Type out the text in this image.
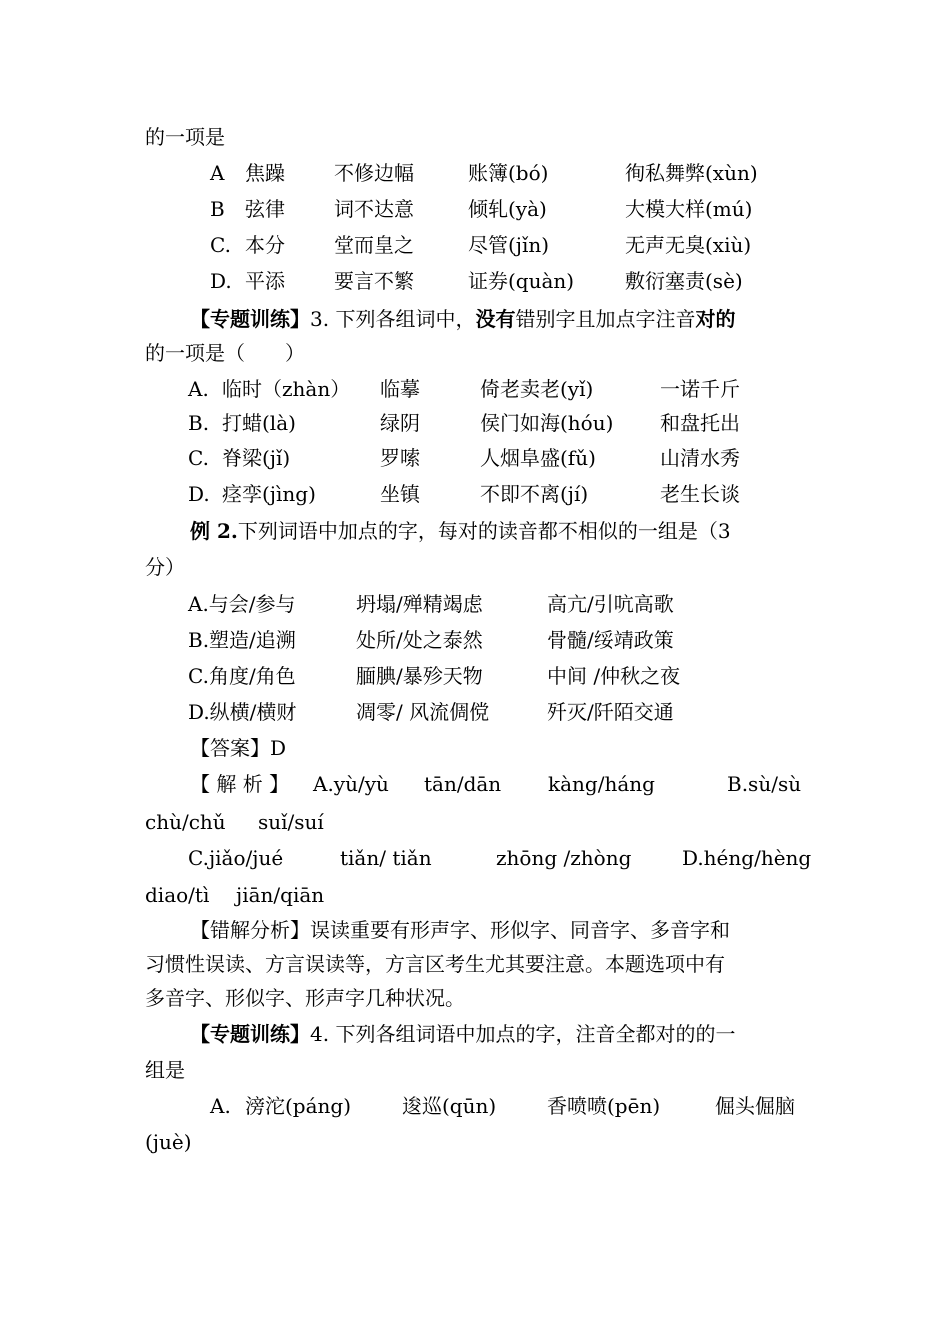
的一项是
A 焦躁 不修边幅	账簿(bó)	徇私舞弊(xùn)
B 弦律 词不达意	倾轧(yà)	大模大样(mú)
C. 本分 堂而皇之	尽管(jǐn)	无声无臭(xiù)
D. 平添 要言不繁	证券(quàn)	敷衍塞责(sè)
【专题训练】3. 下列各组词中，没有错别字且加点字注音对的
的一项是（　　）
A. 临时（zhàn） 临摹	倚老卖老(yǐ)	一诺千斤
B. 打蜡(là)	绿阴	侯门如海(hóu) 和盘托出
C. 脊梁(jǐ)	罗嗦	人烟阜盛(fǔ)	山清水秀
D. 痉孪(jìng)	坐镇	不即不离(jí)	老生长谈
例 2.下列词语中加点的字，每对的读音都不相似的一组是（3
分）
A.与会/参与	坍塌/殚精竭虑	高亢/引吭高歌
B.塑造/追溯	处所/处之泰然	骨髓/绥靖政策
C.角度/角色	腼腆/暴殄天物	中间 /仲秋之夜
D.纵横/横财	凋零/ 风流倜傥	歼灭/阡陌交通
【答案】D
【 解 析 】 A.yù/yù tān/dān kàng/háng	B.sù/sù
chù/chǔ suǐ/suí
C.jiǎo/jué	tiǎn/ tiǎn	zhōng /zhòng	D.héng/hèng
diao/tì jiān/qiān
【错解分析】误读重要有形声字、形似字、同音字、多音字和
习惯性误读、方言误读等，方言区考生尤其要注意。本题选项中有
多音字、形似字、形声字几种状况。
【专题训练】4. 下列各组词语中加点的字，注音全都对的的一
组是
A. 滂沱(páng)	逡巡(qūn)	香喷喷(pēn)	倔头倔脑
(juè)
